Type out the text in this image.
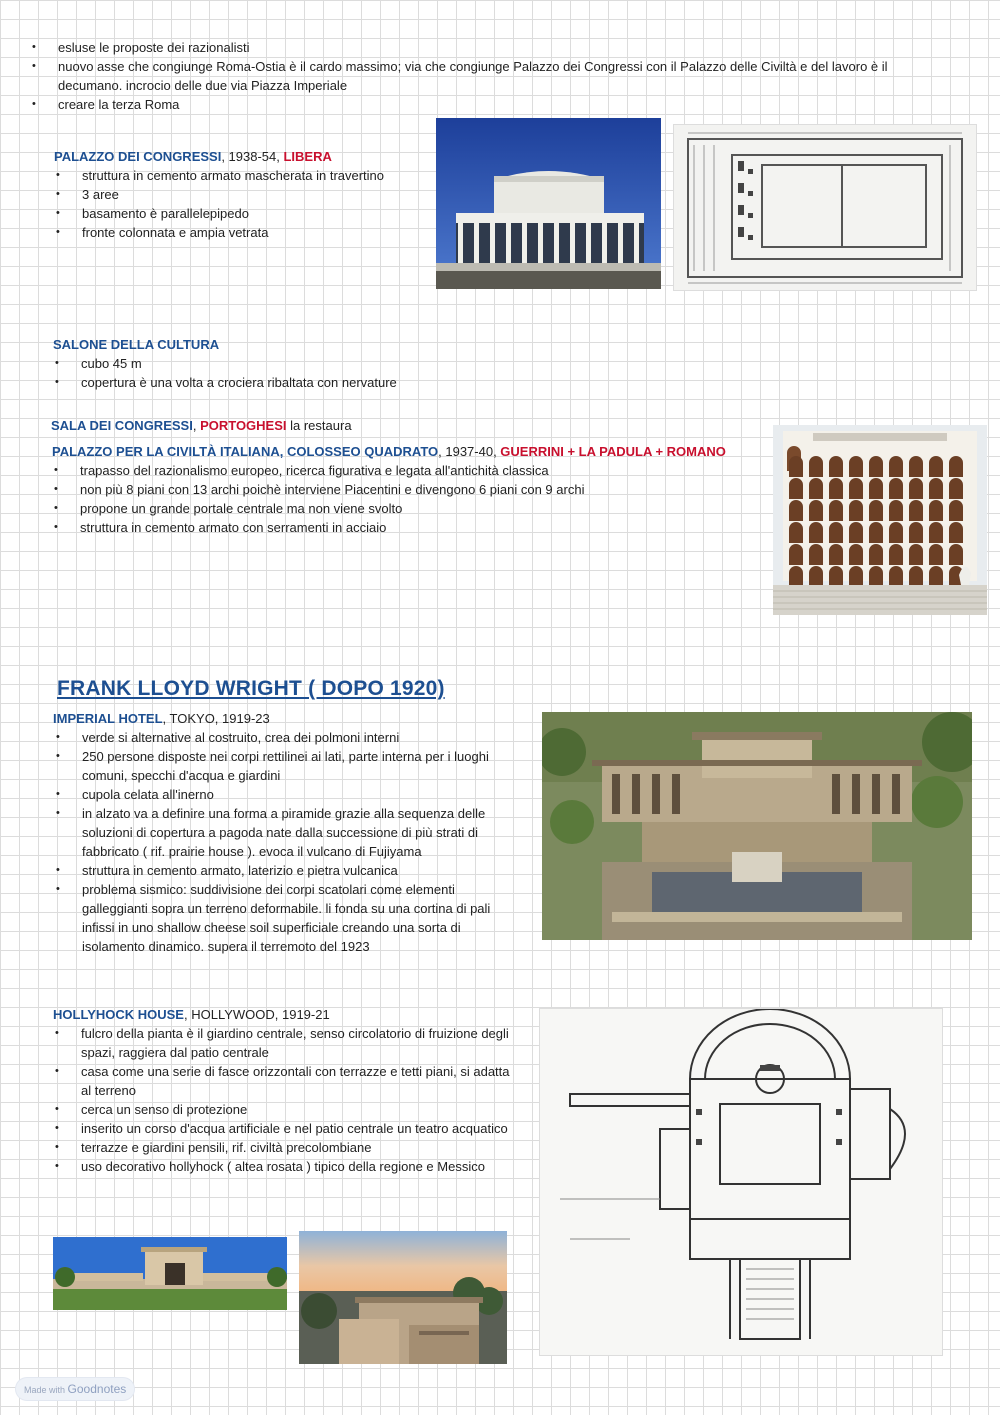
• esluse le proposte dei razionalisti
• nuovo asse che congiunge Roma-Ostia è il cardo massimo; via che congiunge Palazzo dei Congressi con il Palazzo delle Civiltà e del lavoro è il
decumano. incrocio delle due via Piazza Imperiale
• creare la terza Roma
PALAZZO DEI CONGRESSI, 1938-54, LIBERA
• struttura in cemento armato mascherata in travertino
• 3 aree
• basamento è parallelepipedo
• fronte colonnata e ampia vetrata
SALONE DELLA CULTURA
• cubo 45 m
• copertura è una volta a crociera ribaltata con nervature
SALA DEI CONGRESSI, PORTOGHESI la restaura
PALAZZO PER LA CIVILTÀ ITALIANA, COLOSSEO QUADRATO, 1937-40, GUERRINI + LA PADULA + ROMANO
• trapasso del razionalismo europeo, ricerca figurativa e legata all'antichità classica
• non più 8 piani con 13 archi poichè interviene Piacentini e divengono 6 piani con 9 archi
• propone un grande portale centrale ma non viene svolto
• struttura in cemento armato con serramenti in acciaio
FRANK LLOYD WRIGHT ( DOPO 1920)
IMPERIAL HOTEL, TOKYO, 1919-23
• verde si alternative al costruito, crea dei polmoni interni
• 250 persone disposte nei corpi rettilinei ai lati, parte interna per i luoghi comuni, specchi d'acqua e giardini
• cupola celata all'inerno
• in alzato va a definire una forma a piramide grazie alla sequenza delle soluzioni di copertura a pagoda nate dalla successione di più strati di fabbricato ( rif. prairie house ). evoca il vulcano di Fujiyama
• struttura in cemento armato, laterizio e pietra vulcanica
• problema sismico: suddivisione dei corpi scatolari come elementi galleggianti sopra un terreno deformabile. li fonda su una cortina di pali infissi in uno shallow cheese soil superficiale creando una sorta di isolamento dinamico. supera il terremoto del 1923
HOLLYHOCK HOUSE, HOLLYWOOD, 1919-21
• fulcro della pianta è il giardino centrale, senso circolatorio di fruizione degli spazi, raggiera dal patio centrale
• casa come una serie di fasce orizzontali con terrazze e tetti piani, si adatta al terreno
• cerca un senso di protezione
• inserito un corso d'acqua artificiale e nel patio centrale un teatro acquatico
• terrazze e giardini pensili, rif. civiltà precolombiane
• uso decorativo hollyhock ( altea rosata ) tipico della regione e Messico
Made with Goodnotes
